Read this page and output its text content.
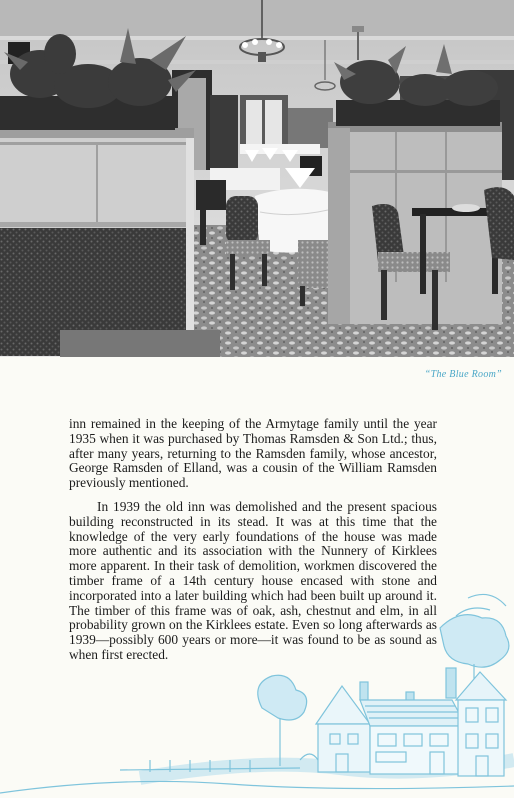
“The Blue Room”

inn remained in the keeping of the Armytage family until the year 1935 when it was purchased by Thomas Ramsden & Son Ltd.; thus, after many years, returning to the Ramsden family, whose ancestor, George Ramsden of Elland, was a cousin of the William Ramsden previously mentioned.

In 1939 the old inn was demolished and the present spacious building reconstructed in its stead. It was at this time that the knowledge of the very early foundations of the house was made more authentic and its association with the Nunnery of Kirklees more apparent. In their task of demolition, workmen discovered the timber frame of a 14th century house encased with stone and incorporated into a later building which had been built up around it. The timber of this frame was of oak, ash, chestnut and elm, in all probability grown on the Kirklees estate. Even so long afterwards as 1939—possibly 600 years or more—it was found to be as sound as when first erected.
